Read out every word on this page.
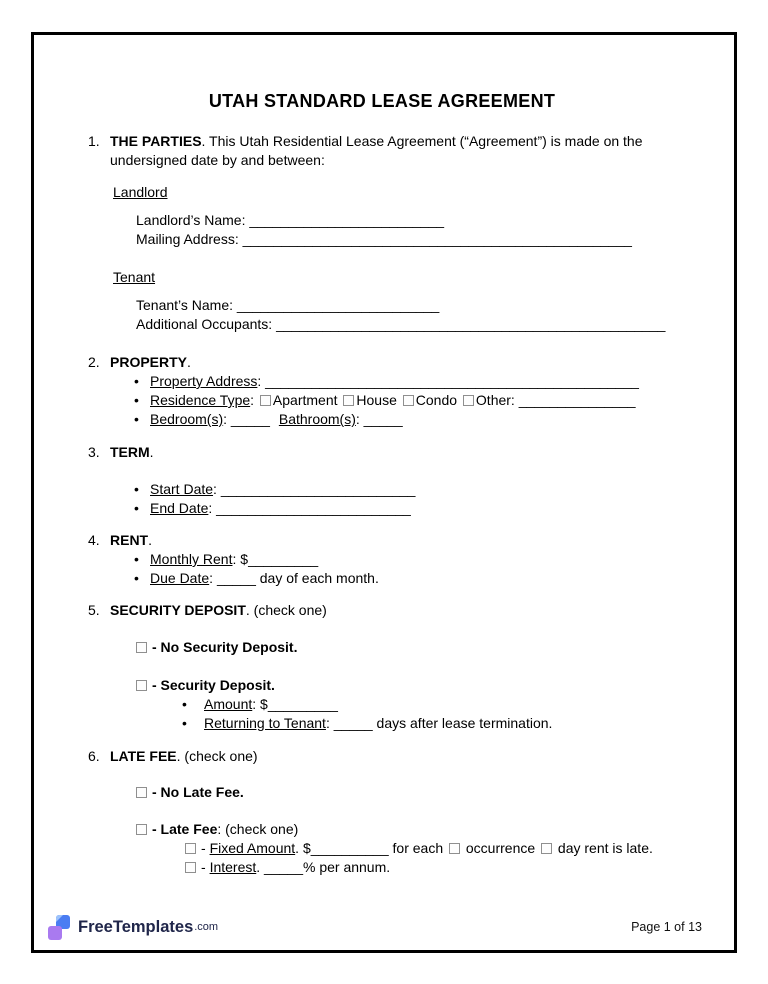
UTAH STANDARD LEASE AGREEMENT
1. THE PARTIES. This Utah Residential Lease Agreement (“Agreement”) is made on the undersigned date by and between:
Landlord
Landlord’s Name: _________________________
Mailing Address: __________________________________________________
Tenant
Tenant’s Name: __________________________
Additional Occupants: __________________________________________________
2. PROPERTY.
•
Property Address: ________________________________________________
•
Residence Type: Apartment House Condo Other: _______________
•
Bedroom(s): _____ Bathroom(s): _____
3. TERM.
•
Start Date: _________________________
•
End Date: _________________________
4. RENT.
•
Monthly Rent: $_________
•
Due Date: _____ day of each month.
5. SECURITY DEPOSIT. (check one)
- No Security Deposit.
- Security Deposit.
•
Amount: $_________
•
Returning to Tenant: _____ days after lease termination.
6. LATE FEE. (check one)
- No Late Fee.
- Late Fee: (check one)
- Fixed Amount. $__________ for each  occurrence  day rent is late.
- Interest. _____% per annum.
FreeTemplates .com	Page 1 of 13
